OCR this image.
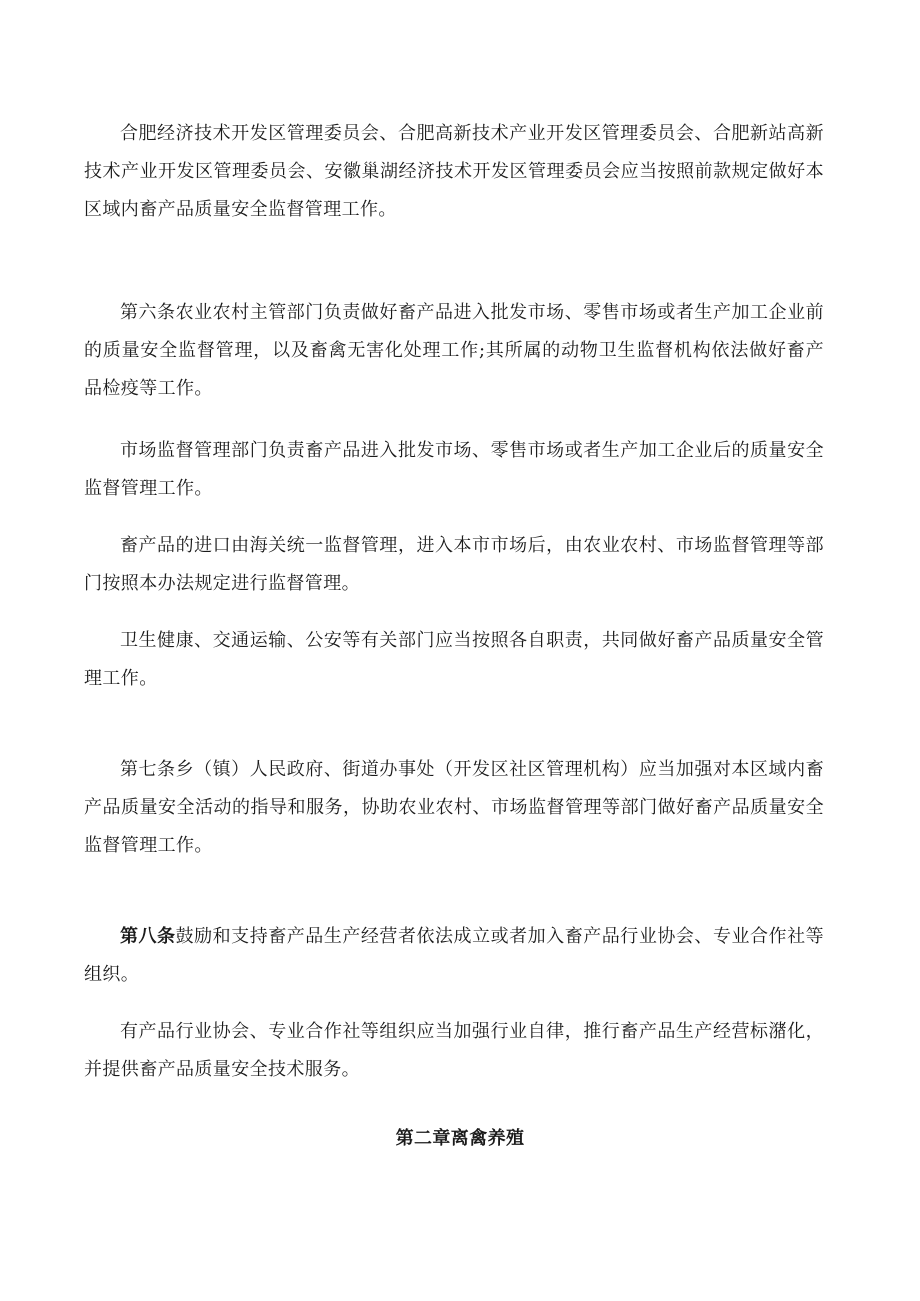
合肥经济技术开发区管理委员会、合肥高新技术产业开发区管理委员会、合肥新站高新技术产业开发区管理委员会、安徽巢湖经济技术开发区管理委员会应当按照前款规定做好本区域内畜产品质量安全监督管理工作。

第六条农业农村主管部门负责做好畜产品进入批发市场、零售市场或者生产加工企业前的质量安全监督管理，以及畜禽无害化处理工作;其所属的动物卫生监督机构依法做好畜产品检疫等工作。

市场监督管理部门负责畜产品进入批发市场、零售市场或者生产加工企业后的质量安全监督管理工作。

畜产品的进口由海关统一监督管理，进入本市市场后，由农业农村、市场监督管理等部门按照本办法规定进行监督管理。

卫生健康、交通运输、公安等有关部门应当按照各自职责，共同做好畜产品质量安全管理工作。

第七条乡（镇）人民政府、街道办事处（开发区社区管理机构）应当加强对本区域内畜产品质量安全活动的指导和服务，协助农业农村、市场监督管理等部门做好畜产品质量安全监督管理工作。

第八条鼓励和支持畜产品生产经营者依法成立或者加入畜产品行业协会、专业合作社等组织。

有产品行业协会、专业合作社等组织应当加强行业自律，推行畜产品生产经营标潴化，并提供畜产品质量安全技术服务。

第二章离禽养殖
